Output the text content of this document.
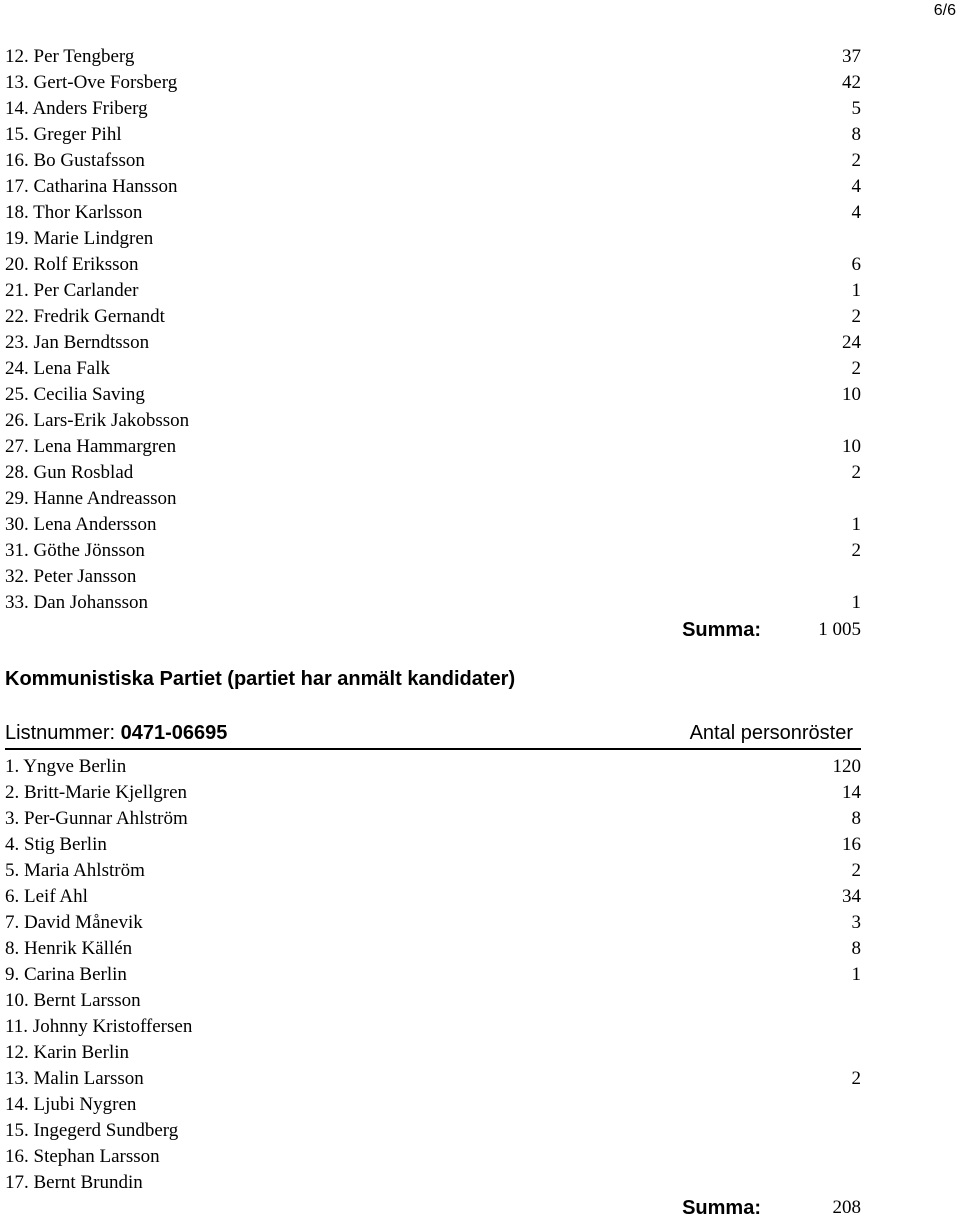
6/6
12. Per Tengberg	37
13. Gert-Ove Forsberg	42
14. Anders Friberg	5
15. Greger Pihl	8
16. Bo Gustafsson	2
17. Catharina Hansson	4
18. Thor Karlsson	4
19. Marie Lindgren
20. Rolf Eriksson	6
21. Per Carlander	1
22. Fredrik Gernandt	2
23. Jan Berndtsson	24
24. Lena Falk	2
25. Cecilia Saving	10
26. Lars-Erik Jakobsson
27. Lena Hammargren	10
28. Gun Rosblad	2
29. Hanne Andreasson
30. Lena Andersson	1
31. Göthe Jönsson	2
32. Peter Jansson
33. Dan Johansson	1
Summa:	1 005
Kommunistiska Partiet (partiet har anmält kandidater)
Listnummer: 0471-06695	Antal personröster
1. Yngve Berlin	120
2. Britt-Marie Kjellgren	14
3. Per-Gunnar Ahlström	8
4. Stig Berlin	16
5. Maria Ahlström	2
6. Leif Ahl	34
7. David Månevik	3
8. Henrik Källén	8
9. Carina Berlin	1
10. Bernt Larsson
11. Johnny Kristoffersen
12. Karin Berlin
13. Malin Larsson	2
14. Ljubi Nygren
15. Ingegerd Sundberg
16. Stephan Larsson
17. Bernt Brundin
Summa:	208
